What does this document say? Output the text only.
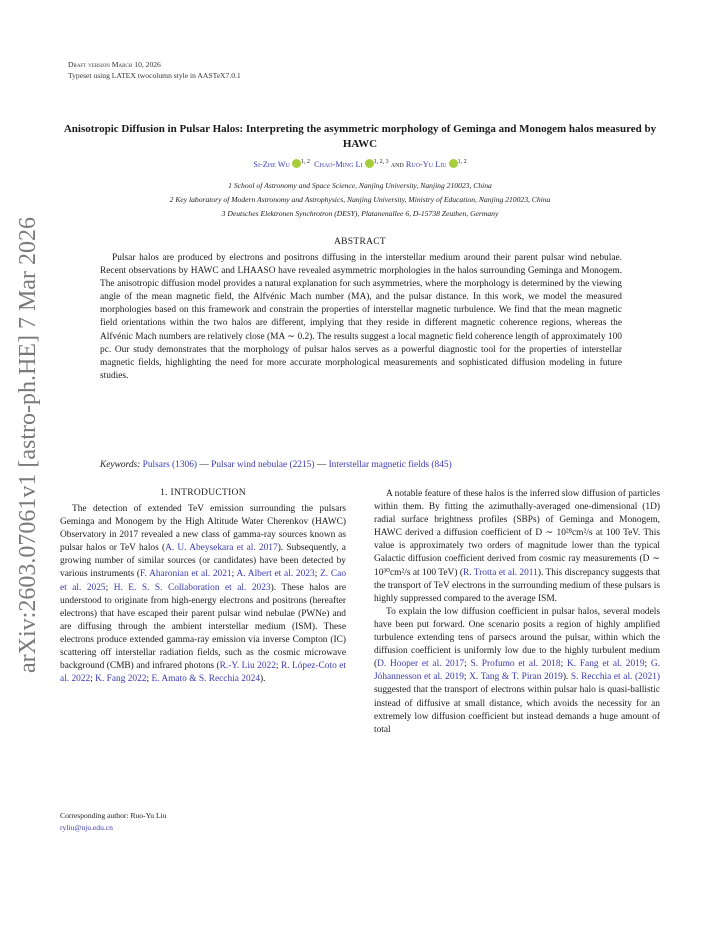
arXiv:2603.07061v1 [astro-ph.HE] 7 Mar 2026
Draft version March 10, 2026
Typeset using LATEX twocolumn style in AASTeX7.0.1
Anisotropic Diffusion in Pulsar Halos: Interpreting the asymmetric morphology of Geminga and Monogem halos measured by HAWC
Si-Zhe Wu $^{1, 2}$ Chao-Ming Li $^{1, 2, 3}$ and Ruo-Yu Liu $^{1, 2}$
1 School of Astronomy and Space Science, Nanjing University, Nanjing 210023, China
2 Key laboratory of Modern Astronomy and Astrophysics, Nanjing University, Ministry of Education, Nanjing 210023, China
3 Deutsches Elektronen Synchrotron (DESY), Platanenallee 6, D-15738 Zeuthen, Germany
ABSTRACT
Pulsar halos are produced by electrons and positrons diffusing in the interstellar medium around their parent pulsar wind nebulae. Recent observations by HAWC and LHAASO have revealed asymmetric morphologies in the halos surrounding Geminga and Monogem. The anisotropic diffusion model provides a natural explanation for such asymmetries, where the morphology is determined by the viewing angle of the mean magnetic field, the Alfvénic Mach number (MA), and the pulsar distance. In this work, we model the measured morphologies based on this framework and constrain the properties of interstellar magnetic turbulence. We find that the mean magnetic field orientations within the two halos are different, implying that they reside in different magnetic coherence regions, whereas the Alfvénic Mach numbers are relatively close (MA ∼ 0.2). The results suggest a local magnetic field coherence length of approximately 100 pc. Our study demonstrates that the morphology of pulsar halos serves as a powerful diagnostic tool for the properties of interstellar magnetic fields, highlighting the need for more accurate morphological measurements and sophisticated diffusion modeling in future studies.
Keywords: Pulsars (1306) — Pulsar wind nebulae (2215) — Interstellar magnetic fields (845)
1. INTRODUCTION

The detection of extended TeV emission surrounding the pulsars Geminga and Monogem by the High Altitude Water Cherenkov (HAWC) Observatory in 2017 revealed a new class of gamma-ray sources known as pulsar halos or TeV halos (A. U. Abeysekara et al. 2017). Subsequently, a growing number of similar sources (or candidates) have been detected by various instruments (F. Aharonian et al. 2021; A. Albert et al. 2023; Z. Cao et al. 2025; H. E. S. S. Collaboration et al. 2023). These halos are understood to originate from high-energy electrons and positrons (hereafter electrons) that have escaped their parent pulsar wind nebulae (PWNe) and are diffusing through the ambient interstellar medium (ISM). These electrons produce extended gamma-ray emission via inverse Compton (IC) scattering off interstellar radiation fields, such as the cosmic microwave background (CMB) and infrared photons (R.-Y. Liu 2022; R. López-Coto et al. 2022; K. Fang 2022; E. Amato & S. Recchia 2024).

A notable feature of these halos is the inferred slow diffusion of particles within them. By fitting the azimuthally-averaged one-dimensional (1D) radial surface brightness profiles (SBPs) of Geminga and Monogem, HAWC derived a diffusion coefficient of D ∼ 10²⁸cm²/s at 100 TeV. This value is approximately two orders of magnitude lower than the typical Galactic diffusion coefficient derived from cosmic ray measurements (D ∼ 10³⁰cm²/s at 100 TeV) (R. Trotta et al. 2011). This discrepancy suggests that the transport of TeV electrons in the surrounding medium of these pulsars is highly suppressed compared to the average ISM.

To explain the low diffusion coefficient in pulsar halos, several models have been put forward. One scenario posits a region of highly amplified turbulence extending tens of parsecs around the pulsar, within which the diffusion coefficient is uniformly low due to the highly turbulent medium (D. Hooper et al. 2017; S. Profumo et al. 2018; K. Fang et al. 2019; G. Jóhannesson et al. 2019; X. Tang & T. Piran 2019). S. Recchia et al. (2021) suggested that the transport of electrons within pulsar halo is quasi-ballistic instead of diffusive at small distance, which avoids the necessity for an extremely low diffusion coefficient but instead demands a huge amount of total

Corresponding author: Ruo-Yu Liu
ryliu@nju.edu.cn
